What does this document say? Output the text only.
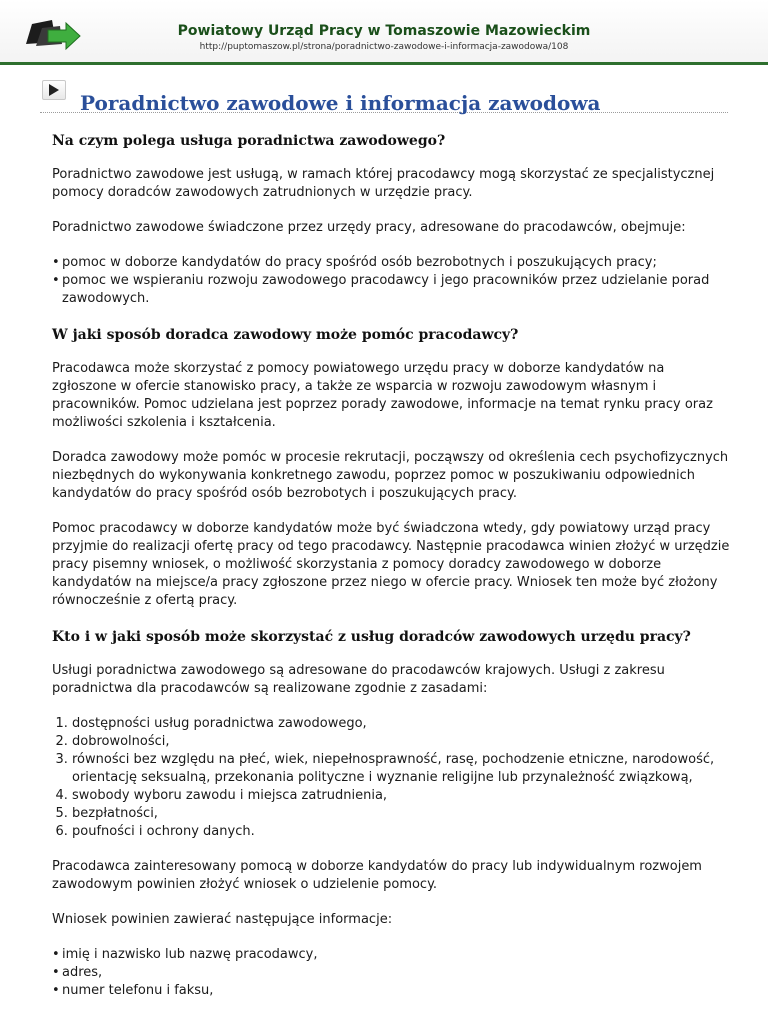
Powiatowy Urząd Pracy w Tomaszowie Mazowieckim
http://puptomaszow.pl/strona/poradnictwo-zawodowe-i-informacja-zawodowa/108
Poradnictwo zawodowe i informacja zawodowa
Na czym polega usługa poradnictwa zawodowego?

Poradnictwo zawodowe jest usługą, w ramach której pracodawcy mogą skorzystać ze specjalistycznej pomocy doradców zawodowych zatrudnionych w urzędzie pracy.

Poradnictwo zawodowe świadczone przez urzędy pracy, adresowane do pracodawców, obejmuje:

• pomoc w doborze kandydatów do pracy spośród osób bezrobotnych i poszukujących pracy;
• pomoc we wspieraniu rozwoju zawodowego pracodawcy i jego pracowników przez udzielanie porad zawodowych.
W jaki sposób doradca zawodowy może pomóc pracodawcy?

Pracodawca może skorzystać z pomocy powiatowego urzędu pracy w doborze kandydatów na zgłoszone w ofercie stanowisko pracy, a także ze wsparcia w rozwoju zawodowym własnym i pracowników. Pomoc udzielana jest poprzez porady zawodowe, informacje na temat rynku pracy oraz możliwości szkolenia i kształcenia.

Doradca zawodowy może pomóc w procesie rekrutacji, począwszy od określenia cech psychofizycznych niezbędnych do wykonywania konkretnego zawodu, poprzez pomoc w poszukiwaniu odpowiednich kandydatów do pracy spośród osób bezrobotych i poszukujących pracy.

Pomoc pracodawcy w doborze kandydatów może być świadczona wtedy, gdy powiatowy urząd pracy przyjmie do realizacji ofertę pracy od tego pracodawcy. Następnie pracodawca winien złożyć w urzędzie pracy pisemny wniosek, o możliwość skorzystania z pomocy doradcy zawodowego w doborze kandydatów na miejsce/a pracy zgłoszone przez niego w ofercie pracy. Wniosek ten może być złożony równocześnie z ofertą pracy.

Kto i w jaki sposób może skorzystać z usług doradców zawodowych urzędu pracy?

Usługi poradnictwa zawodowego są adresowane do pracodawców krajowych. Usługi z zakresu poradnictwa dla pracodawców są realizowane zgodnie z zasadami:

1. dostępności usług poradnictwa zawodowego,
2. dobrowolności,
3. równości bez względu na płeć, wiek, niepełnosprawność, rasę, pochodzenie etniczne, narodowość, orientację seksualną, przekonania polityczne i wyznanie religijne lub przynależność związkową,
4. swobody wyboru zawodu i miejsca zatrudnienia,
5. bezpłatności,
6. poufności i ochrony danych.

Pracodawca zainteresowany pomocą w doborze kandydatów do pracy lub indywidualnym rozwojem zawodowym powinien złożyć wniosek o udzielenie pomocy.

Wniosek powinien zawierać następujące informacje:

• imię i nazwisko lub nazwę pracodawcy,
• adres,
• numer telefonu i faksu,
